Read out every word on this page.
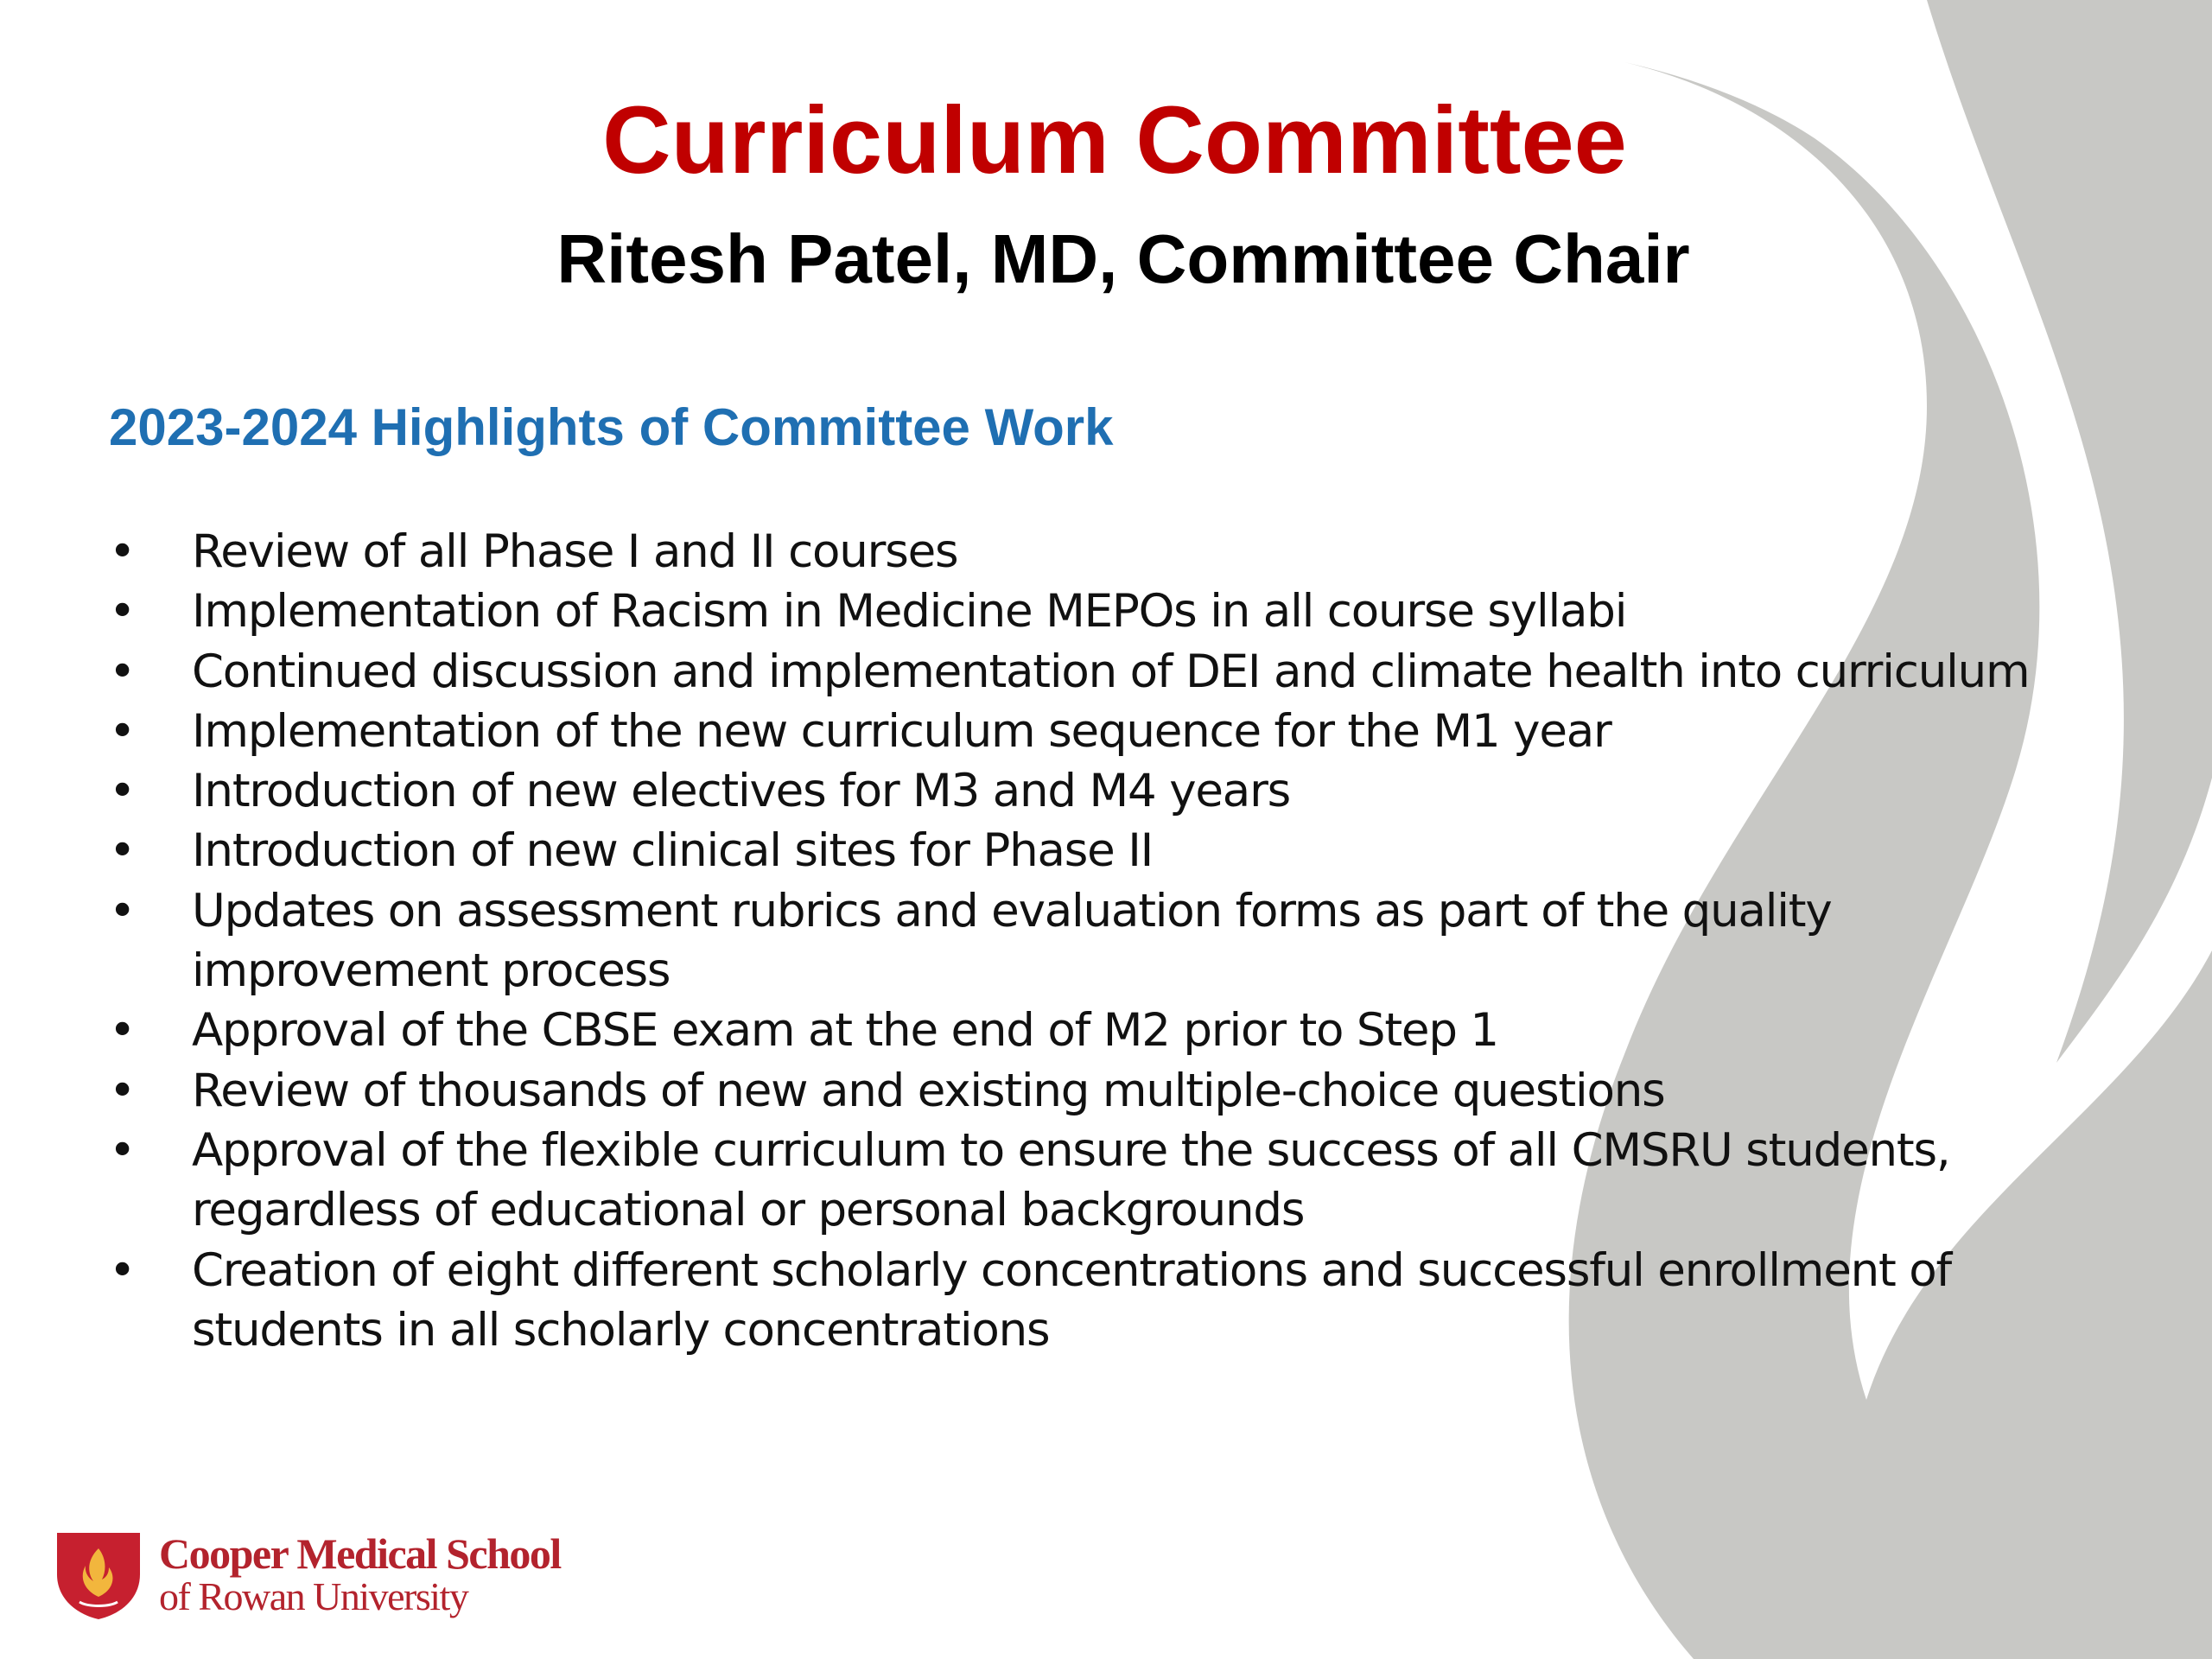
Curriculum Committee
Ritesh Patel, MD, Committee Chair
2023-2024 Highlights of Committee Work
•	Review of all Phase I and II courses
•	Implementation of Racism in Medicine MEPOs in all course syllabi
•	Continued discussion and implementation of DEI and climate health into curriculum
•	Implementation of the new curriculum sequence for the M1 year
•	Introduction of new electives for M3 and M4 years
•	Introduction of new clinical sites for Phase II
•	Updates on assessment rubrics and evaluation forms as part of the quality improvement process
•	Approval of the CBSE exam at the end of M2 prior to Step 1
•	Review of thousands of new and existing multiple-choice questions
•	Approval of the flexible curriculum to ensure the success of all CMSRU students, regardless of educational or personal backgrounds
•	Creation of eight different scholarly concentrations and successful enrollment of students in all scholarly concentrations
Cooper Medical School
of Rowan University
